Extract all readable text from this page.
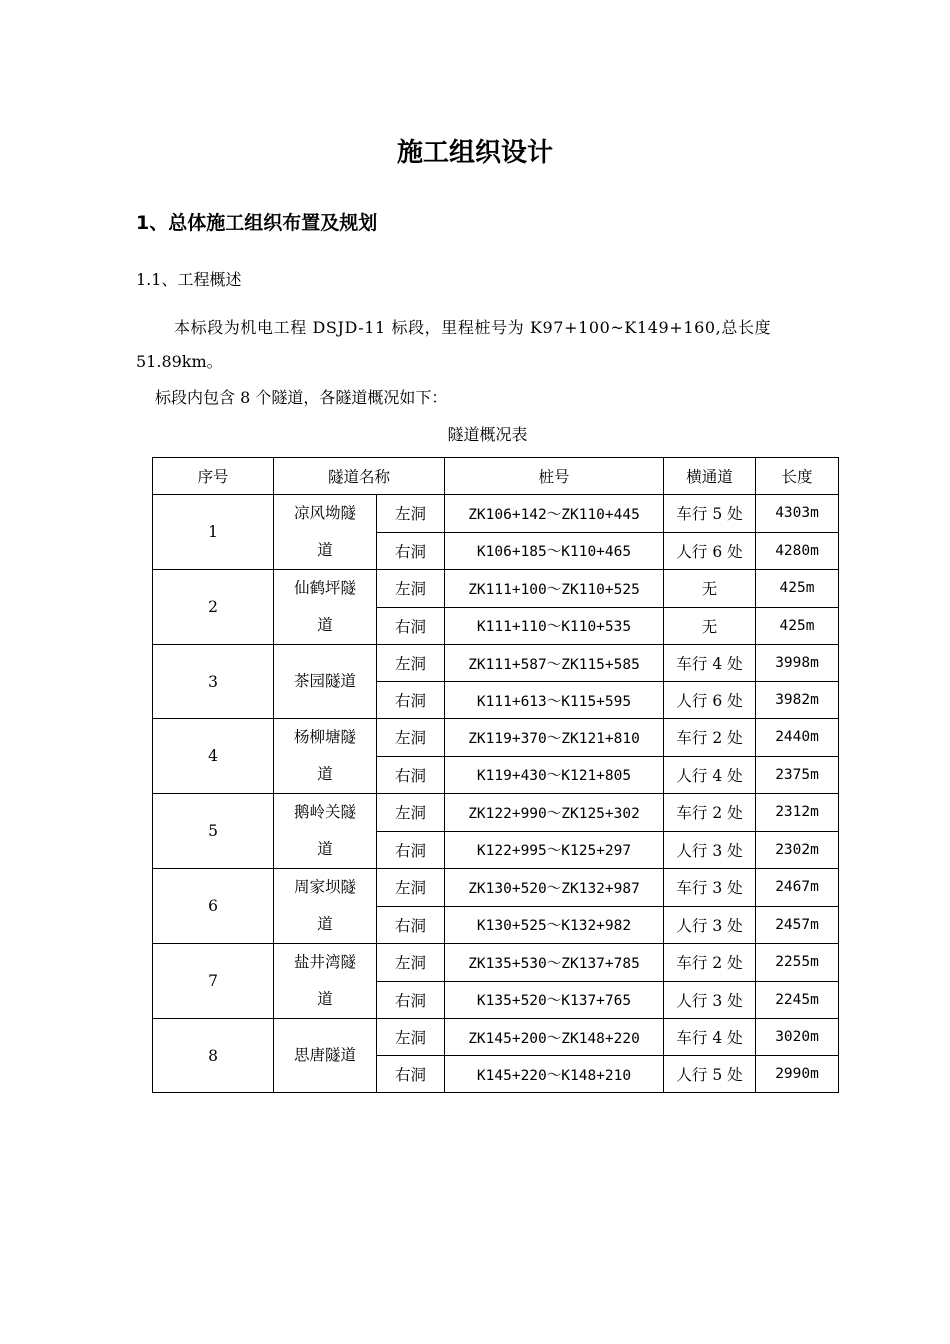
施工组织设计
1、总体施工组织布置及规划
1.1、工程概述
本标段为机电工程 DSJD-11 标段，里程桩号为 K97+100~K149+160,总长度
51.89km。
标段内包含 8 个隧道，各隧道概况如下：
隧道概况表
序号	隧道名称		桩号	横通道	长度
1	凉风坳隧
道	左洞	ZK106+142～ZK110+445	车行 5 处	4303m
		右洞	K106+185～K110+465	人行 6 处	4280m
2	仙鹤坪隧
道	左洞	ZK111+100～ZK110+525	无	425m
		右洞	K111+110～K110+535	无	425m
3	茶园隧道	左洞	ZK111+587～ZK115+585	车行 4 处	3998m
		右洞	K111+613～K115+595	人行 6 处	3982m
4	杨柳塘隧
道	左洞	ZK119+370～ZK121+810	车行 2 处	2440m
		右洞	K119+430～K121+805	人行 4 处	2375m
5	鹅岭关隧
道	左洞	ZK122+990～ZK125+302	车行 2 处	2312m
		右洞	K122+995～K125+297	人行 3 处	2302m
6	周家坝隧
道	左洞	ZK130+520～ZK132+987	车行 3 处	2467m
		右洞	K130+525～K132+982	人行 3 处	2457m
7	盐井湾隧
道	左洞	ZK135+530～ZK137+785	车行 2 处	2255m
		右洞	K135+520～K137+765	人行 3 处	2245m
8	思唐隧道	左洞	ZK145+200～ZK148+220	车行 4 处	3020m
		右洞	K145+220～K148+210	人行 5 处	2990m
